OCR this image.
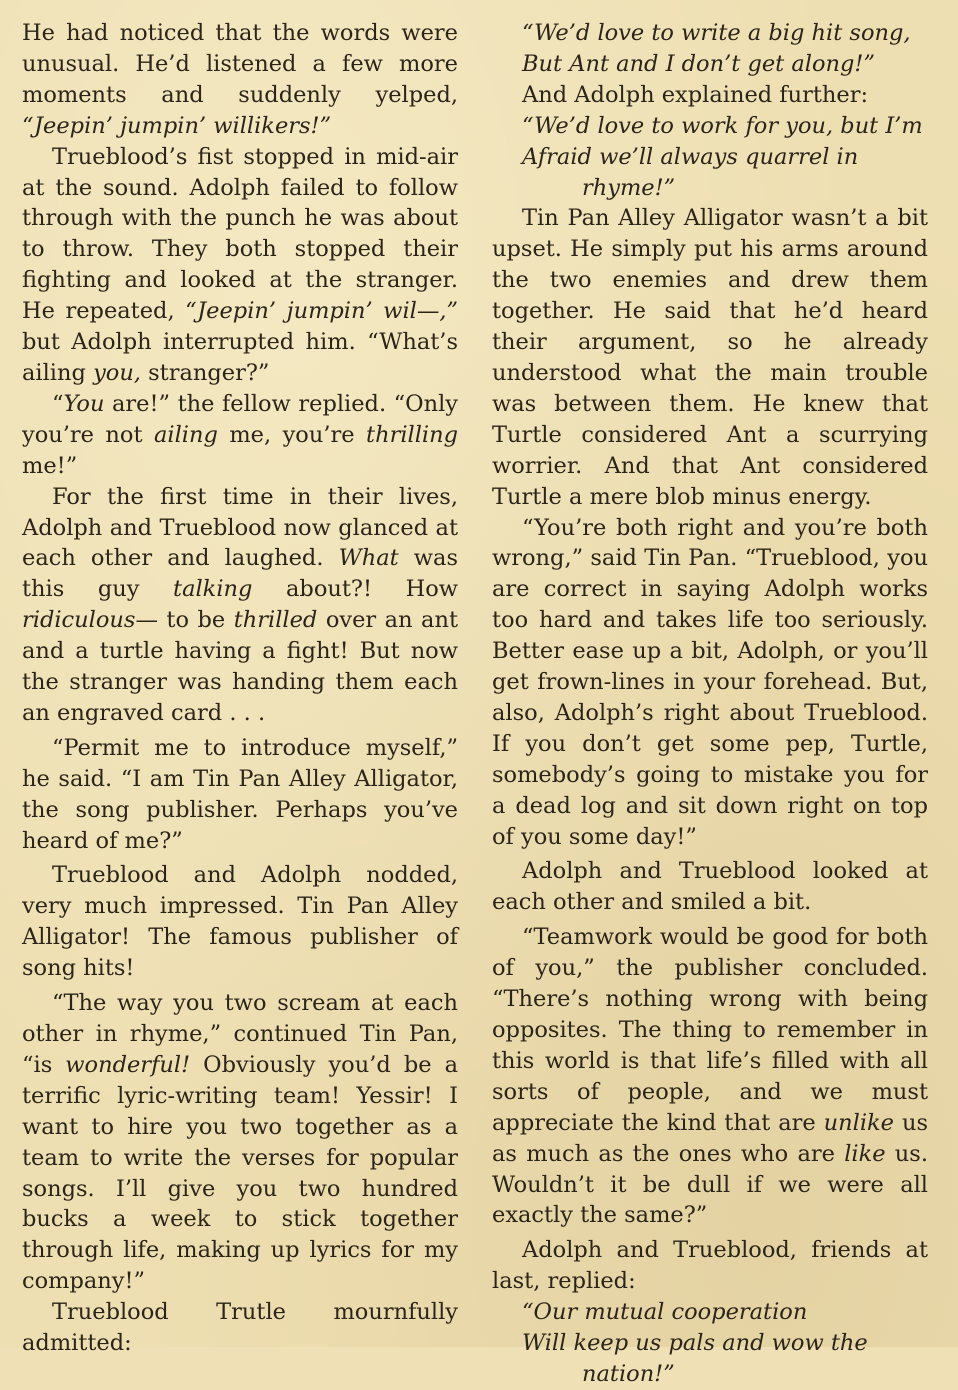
He had noticed that the words were unusual. He’d listened a few more moments and suddenly yelped, “Jeepin’ jumpin’ willikers!”

Trueblood’s fist stopped in mid-air at the sound. Adolph failed to follow through with the punch he was about to throw. They both stopped their fighting and looked at the stranger. He repeated, “Jeepin’ jumpin’ wil—,” but Adolph interrupted him. “What’s ailing you, stranger?”

“You are!” the fellow replied. “Only you’re not ailing me, you’re thrilling me!”

For the first time in their lives, Adolph and Trueblood now glanced at each other and laughed. What was this guy talking about?! How ridiculous— to be thrilled over an ant and a turtle having a fight! But now the stranger was handing them each an engraved card . . .

“Permit me to introduce myself,” he said. “I am Tin Pan Alley Alligator, the song publisher. Perhaps you’ve heard of me?”

Trueblood and Adolph nodded, very much impressed. Tin Pan Alley Alligator! The famous publisher of song hits!

“The way you two scream at each other in rhyme,” continued Tin Pan, “is wonderful! Obviously you’d be a terrific lyric-writing team! Yessir! I want to hire you two together as a team to write the verses for popular songs. I’ll give you two hundred bucks a week to stick together through life, making up lyrics for my company!”

Trueblood Trutle mournfully admitted:

“We’d love to write a big hit song,
But Ant and I don’t get along!”

And Adolph explained further:

“We’d love to work for you, but I’m
Afraid we’ll always quarrel in
rhyme!”

Tin Pan Alley Alligator wasn’t a bit upset. He simply put his arms around the two enemies and drew them together. He said that he’d heard their argument, so he already understood what the main trouble was between them. He knew that Turtle considered Ant a scurrying worrier. And that Ant considered Turtle a mere blob minus energy.

“You’re both right and you’re both wrong,” said Tin Pan. “Trueblood, you are correct in saying Adolph works too hard and takes life too seriously. Better ease up a bit, Adolph, or you’ll get frown-lines in your forehead. But, also, Adolph’s right about Trueblood. If you don’t get some pep, Turtle, somebody’s going to mistake you for a dead log and sit down right on top of you some day!”

Adolph and Trueblood looked at each other and smiled a bit.

“Teamwork would be good for both of you,” the publisher concluded. “There’s nothing wrong with being opposites. The thing to remember in this world is that life’s filled with all sorts of people, and we must appreciate the kind that are unlike us as much as the ones who are like us. Wouldn’t it be dull if we were all exactly the same?”

Adolph and Trueblood, friends at last, replied:

“Our mutual cooperation
Will keep us pals and wow the
nation!”
